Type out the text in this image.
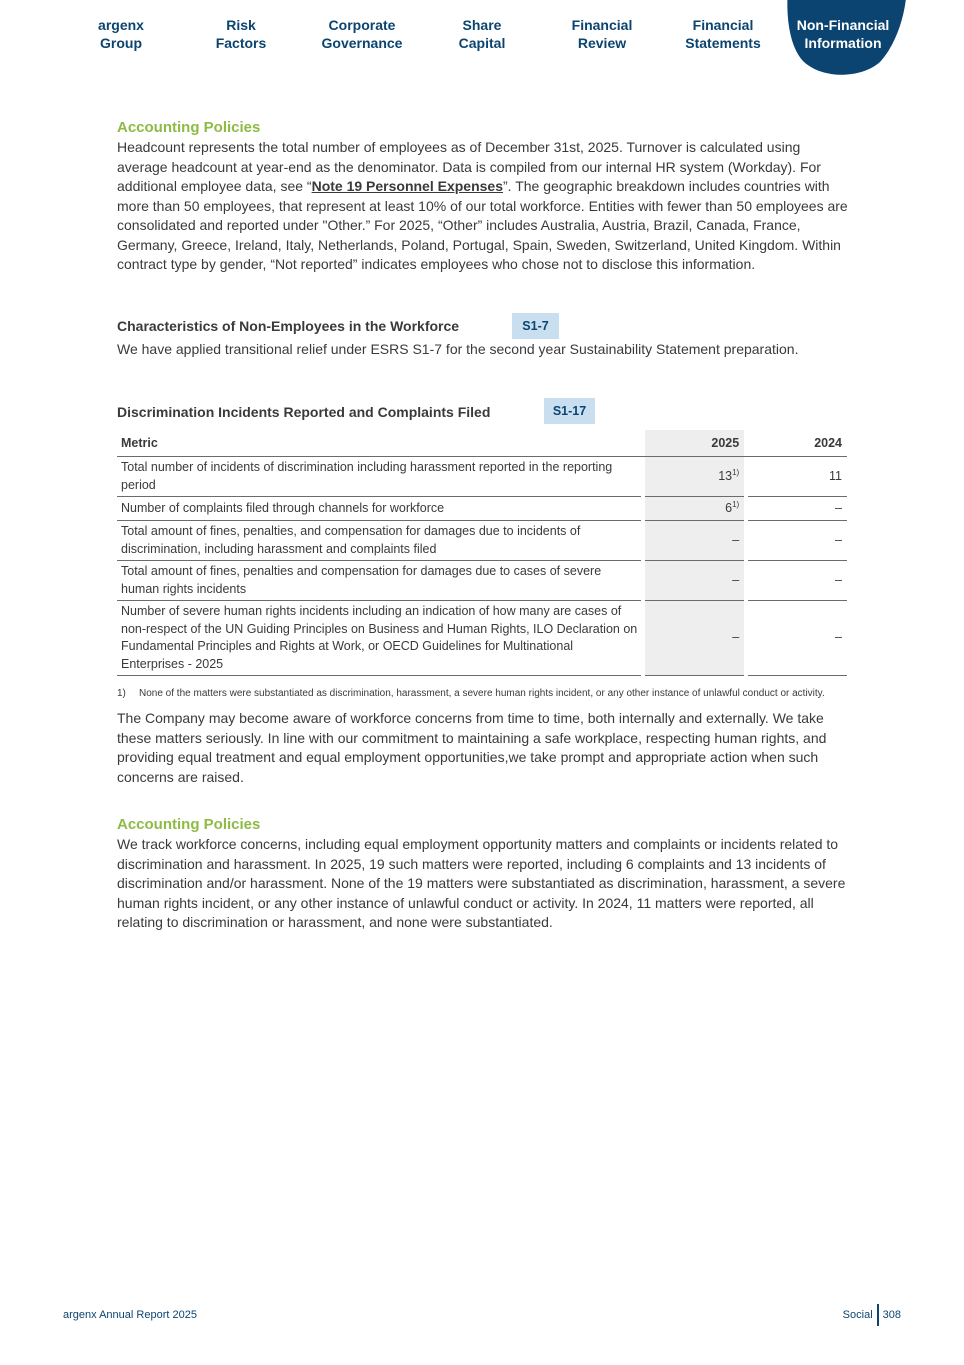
argenx
Group
Risk
Factors
Corporate
Governance
Share
Capital
Financial
Review
Financial
Statements
Non-Financial
Information
Accounting Policies

Headcount represents the total number of employees as of December 31st, 2025. Turnover is calculated using average headcount at year-end as the denominator. Data is compiled from our internal HR system (Workday). For additional employee data, see “Note 19 Personnel Expenses”. The geographic breakdown includes countries with more than 50 employees, that represent at least 10% of our total workforce. Entities with fewer than 50 employees are consolidated and reported under "Other.” For 2025, “Other” includes Australia, Austria, Brazil, Canada, France, Germany, Greece, Ireland, Italy, Netherlands, Poland, Portugal, Spain, Sweden, Switzerland, United Kingdom. Within contract type by gender, “Not reported” indicates employees who chose not to disclose this information.

Characteristics of Non-Employees in the Workforce

We have applied transitional relief under ESRS S1-7 for the second year Sustainability Statement preparation.

S1-7
Discrimination Incidents Reported and Complaints Filed	S1-17
Metric		2025		2024
Total number of incidents of discrimination including harassment reported in the reporting period		13$^{1)}$		11
Number of complaints filed through channels for workforce		6$^{1)}$		–
Total amount of fines, penalties, and compensation for damages due to incidents of discrimination, including harassment and complaints filed		–		–
Total amount of fines, penalties and compensation for damages due to cases of severe human rights incidents		–		–
Number of severe human rights incidents including an indication of how many are cases of non-respect of the UN Guiding Principles on Business and Human Rights, ILO Declaration on Fundamental Principles and Rights at Work, or OECD Guidelines for Multinational Enterprises - 2025		–		–
1)	None of the matters were substantiated as discrimination, harassment, a severe human rights incident, or any other instance of unlawful conduct or activity.

The Company may become aware of workforce concerns from time to time, both internally and externally. We take these matters seriously. In line with our commitment to maintaining a safe workplace, respecting human rights, and providing equal treatment and equal employment opportunities,we take prompt and appropriate action when such concerns are raised.

Accounting Policies

We track workforce concerns, including equal employment opportunity matters and complaints or incidents related to discrimination and harassment. In 2025, 19 such matters were reported, including 6 complaints and 13 incidents of discrimination and/or harassment. None of the 19 matters were substantiated as discrimination, harassment, a severe human rights incident, or any other instance of unlawful conduct or activity. In 2024, 11 matters were reported, all relating to discrimination or harassment, and none were substantiated.

argenx Annual Report 2025	Social 308
